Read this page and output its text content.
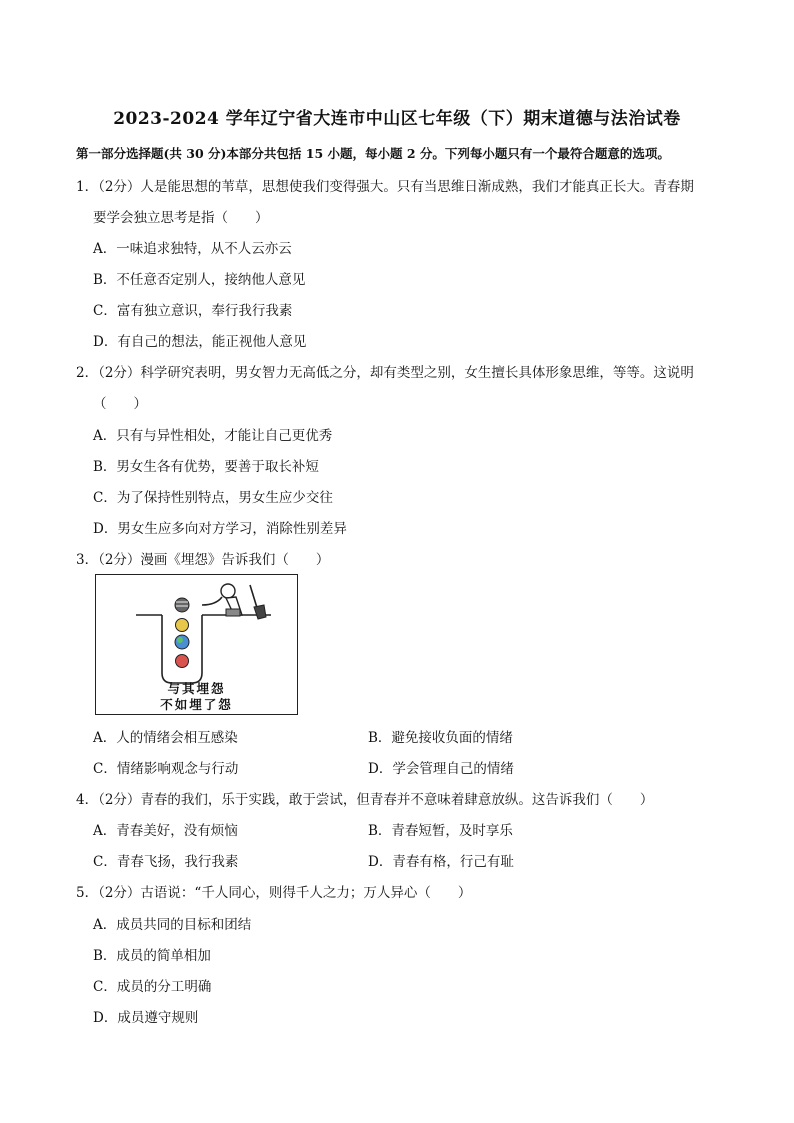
2023-2024 学年辽宁省大连市中山区七年级（下）期末道德与法治试卷
第一部分选择题(共 30 分)本部分共包括 15 小题，每小题 2 分。下列每小题只有一个最符合题意的选项。
1．（2分）人是能思想的苇草，思想使我们变得强大。只有当思维日渐成熟，我们才能真正长大。青春期
要学会独立思考是指（　　）
A．一味追求独特，从不人云亦云
B．不任意否定别人，接纳他人意见
C．富有独立意识，奉行我行我素
D．有自己的想法，能正视他人意见
2．（2分）科学研究表明，男女智力无高低之分，却有类型之别，女生擅长具体形象思维，等等。这说明
（　　）
A．只有与异性相处，才能让自己更优秀
B．男女生各有优势，要善于取长补短
C．为了保持性别特点，男女生应少交往
D．男女生应多向对方学习，消除性别差异
3．（2分）漫画《埋怨》告诉我们（　　）
与其埋怨
不如埋了怨
A．人的情绪会相互感染	B．避免接收负面的情绪
C．情绪影响观念与行动	D．学会管理自己的情绪
4．（2分）青春的我们，乐于实践，敢于尝试，但青春并不意味着肆意放纵。这告诉我们（　　）
A．青春美好，没有烦恼	B．青春短暂，及时享乐
C．青春飞扬，我行我素	D．青春有格，行己有耻
5．（2分）古语说：“千人同心，则得千人之力；万人异心（　　）
A．成员共同的目标和团结
B．成员的简单相加
C．成员的分工明确
D．成员遵守规则
